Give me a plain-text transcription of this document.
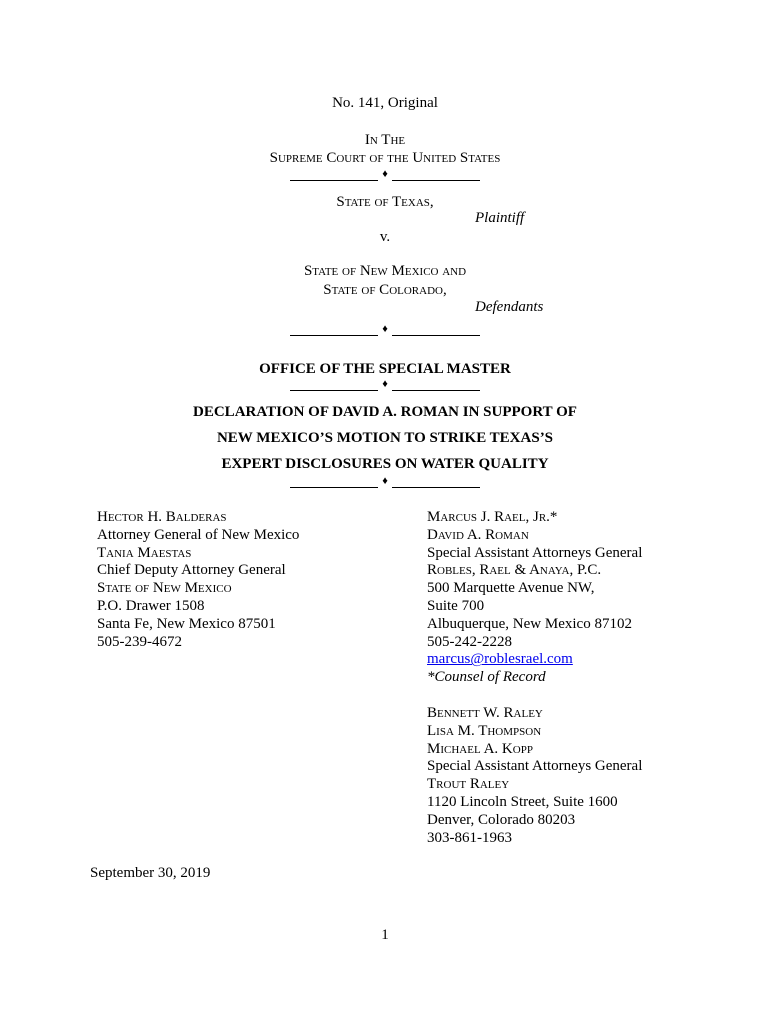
No. 141, Original
In The
Supreme Court of the United States
♦
State of Texas,
Plaintiff
v.
State of New Mexico and
State of Colorado,
Defendants
♦
OFFICE OF THE SPECIAL MASTER
♦
DECLARATION OF DAVID A. ROMAN IN SUPPORT OF
NEW MEXICO’S MOTION TO STRIKE TEXAS’S
EXPERT DISCLOSURES ON WATER QUALITY
♦
Hector H. Balderas
Attorney General of New Mexico
Tania Maestas
Chief Deputy Attorney General
State of New Mexico
P.O. Drawer 1508
Santa Fe, New Mexico 87501
505-239-4672
Marcus J. Rael, Jr.*
David A. Roman
Special Assistant Attorneys General
Robles, Rael & Anaya, P.C.
500 Marquette Avenue NW,
Suite 700
Albuquerque, New Mexico 87102
505-242-2228
marcus@roblesrael.com
*Counsel of Record
Bennett W. Raley
Lisa M. Thompson
Michael A. Kopp
Special Assistant Attorneys General
Trout Raley
1120 Lincoln Street, Suite 1600
Denver, Colorado 80203
303-861-1963
September 30, 2019
1
